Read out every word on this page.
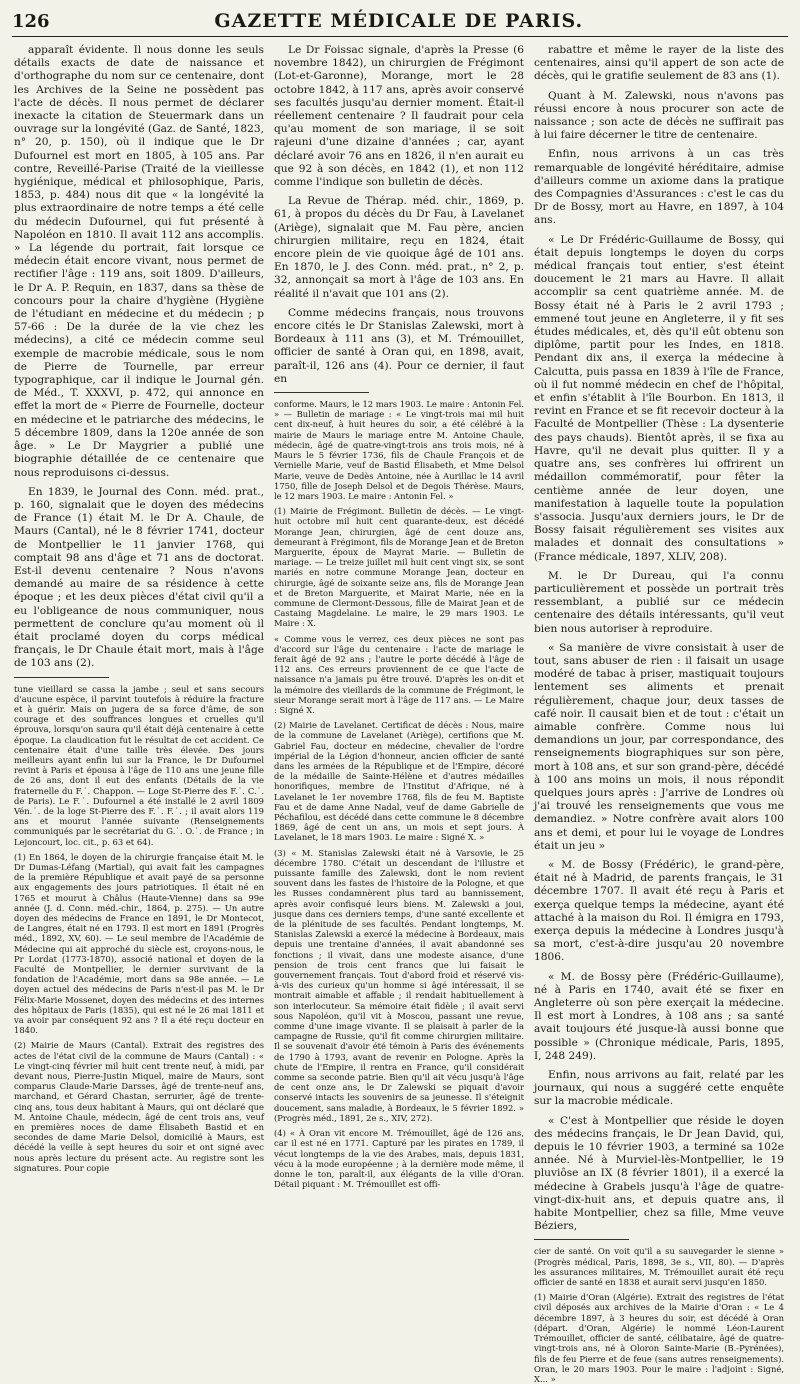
126	GAZETTE MÉDICALE DE PARIS.

apparaît évidente. Il nous donne les seuls détails exacts de date de naissance et d'orthographe du nom sur ce centenaire, dont les Archives de la Seine ne possèdent pas l'acte de décès. Il nous permet de déclarer inexacte la citation de Steuermark dans un ouvrage sur la longévité (Gaz. de Santé, 1823, n° 20, p. 150), où il indique que le Dr Dufournel est mort en 1805, à 105 ans. Par contre, Reveillé-Parise (Traité de la vieillesse hygiénique, médical et philosophique, Paris, 1853, p. 484) nous dit que « la longévité la plus extraordinaire de notre temps a été celle du médecin Dufournel, qui fut présenté à Napoléon en 1810. Il avait 112 ans accomplis. » La légende du portrait, fait lorsque ce médecin était encore vivant, nous permet de rectifier l'âge : 119 ans, soit 1809. D'ailleurs, le Dr A. P. Requin, en 1837, dans sa thèse de concours pour la chaire d'hygiène (Hygiène de l'étudiant en médecine et du médecin ; p 57-66 : De la durée de la vie chez les médecins), a cité ce médecin comme seul exemple de macrobie médicale, sous le nom de Pierre de Tournelle, par erreur typographique, car il indique le Journal gén. de Méd., T. XXXVI, p. 472, qui annonce en effet la mort de « Pierre de Fournelle, docteur en médecine et le patriarche des médecins, le 5 décembre 1809, dans la 120e année de son âge. » Le Dr Maygrier a publié une biographie détaillée de ce centenaire que nous reproduisons ci-dessus.

En 1839, le Journal des Conn. méd. prat., p. 160, signalait que le doyen des médecins de France (1) était M. le Dr A. Chaule, de Maurs (Cantal), né le 8 février 1741, docteur de Montpellier le 11 janvier 1768, qui comptait 98 ans d'âge et 71 ans de doctorat. Est-il devenu centenaire ? Nous n'avons demandé au maire de sa résidence à cette époque ; et les deux pièces d'état civil qu'il a eu l'obligeance de nous communiquer, nous permettent de conclure qu'au moment où il était proclamé doyen du corps médical français, le Dr Chaule était mort, mais à l'âge de 103 ans (2).

tune vieillard se cassa la jambe ; seul et sans secours d'aucune espèce, il parvint toutefois à réduire la fracture et à guérir. Mais on jugera de sa force d'âme, de son courage et des souffrances longues et cruelles qu'il éprouva, lorsqu'on saura qu'il était déjà centenaire à cette époque. La claudication fut le résultat de cet accident. Ce centenaire était d'une taille très élevée. Des jours meilleurs ayant enfin lui sur la France, le Dr Dufournel revint à Paris et épousa à l'âge de 110 ans une jeune fille de 26 ans, dont il eut des enfants (Détails de la vie fraternelle du F.˙. Chappon. — Loge St-Pierre des F.˙. C.˙. de Paris). Le F.˙. Dufournel a été installé le 2 avril 1809 Vén.˙. de la loge St-Pierre des F.˙. F.˙. ; il avait alors 119 ans et mourut l'année suivante (Renseignements communiqués par le secrétariat du G.˙. O.˙. de France ; in Lejoncourt, loc. cit., p. 63 et 64).

(1) En 1864, le doyen de la chirurgie française était M. le Dr Dumas-Léfang (Martial), qui avait fait les campagnes de la première République et avait payé de sa personne aux engagements des jours patriotiques. Il était né en 1765 et mourut à Châlus (Haute-Vienne) dans sa 99e année (J. d. Conn. méd.-chir., 1864, p. 275). — Un autre doyen des médecins de France en 1891, le Dr Montecot, de Langres, était né en 1793. Il est mort en 1891 (Progrès méd., 1892, XV, 60). — Le seul membre de l'Académie de Médecine qui ait approché du siècle est, croyons-nous, le Pr Lordat (1773-1870), associé national et doyen de la Faculté de Montpellier, le dernier survivant de la fondation de l'Académie, mort dans sa 98e année. — Le doyen actuel des médecins de Paris n'est-il pas M. le Dr Félix-Marie Mossenet, doyen des médecins et des internes des hôpitaux de Paris (1835), qui est né le 26 mai 1811 et va avoir par conséquent 92 ans ? Il a été reçu docteur en 1840.

(2) Mairie de Maurs (Cantal). Extrait des registres des actes de l'état civil de la commune de Maurs (Cantal) : « Le vingt-cinq février mil huit cent trente neuf, à midi, par devant nous, Pierre-Justin Miquel, maire de Maurs, sont comparus Claude-Marie Darsses, âgé de trente-neuf ans, marchand, et Gérard Chastan, serrurier, âgé de trente-cinq ans, tous deux habitant à Maurs, qui ont déclaré que M. Antoine Chaule, médecin, âgé de cent trois ans, veuf en premières noces de dame Élisabeth Bastid et en secondes de dame Marie Delsol, domicilié à Maurs, est décédé la veille à sept heures du soir et ont signé avec nous après lecture du présent acte. Au registre sont les signatures. Pour copie

Le Dr Foissac signale, d'après la Presse (6 novembre 1842), un chirurgien de Frégimont (Lot-et-Garonne), Morange, mort le 28 octobre 1842, à 117 ans, après avoir conservé ses facultés jusqu'au dernier moment. Était-il réellement centenaire ? Il faudrait pour cela qu'au moment de son mariage, il se soit rajeuni d'une dizaine d'années ; car, ayant déclaré avoir 76 ans en 1826, il n'en aurait eu que 92 à son décès, en 1842 (1), et non 112 comme l'indique son bulletin de décès.

La Revue de Thérap. méd. chir., 1869, p. 61, à propos du décès du Dr Fau, à Lavelanet (Ariège), signalait que M. Fau père, ancien chirurgien militaire, reçu en 1824, était encore plein de vie quoique âgé de 101 ans. En 1870, le J. des Conn. méd. prat., n° 2, p. 32, annonçait sa mort à l'âge de 103 ans. En réalité il n'avait que 101 ans (2).

Comme médecins français, nous trouvons encore cités le Dr Stanislas Zalewski, mort à Bordeaux à 111 ans (3), et M. Trémouillet, officier de santé à Oran qui, en 1898, avait, paraît-il, 126 ans (4). Pour ce dernier, il faut en

conforme. Maurs, le 12 mars 1903. Le maire : Antonin Fel. » — Bulletin de mariage : « Le vingt-trois mai mil huit cent dix-neuf, à huit heures du soir, a été célébré à la mairie de Maurs le mariage entre M. Antoine Chaule, médecin, âgé de quatre-vingt-trois ans trois mois, né à Maurs le 5 février 1736, fils de Chaule François et de Vernielle Marie, veuf de Bastid Élisabeth, et Mme Delsol Marie, veuve de Dedès Antoine, née à Aurillac le 14 avril 1750, fille de Joseph Delsol et de Degois Thérèse. Maurs, le 12 mars 1903. Le maire : Antonin Fel. »

(1) Mairie de Frégimont. Bulletin de décès. — Le vingt-huit octobre mil huit cent quarante-deux, est décédé Morange Jean, chirurgien, âgé de cent douze ans, demeurant à Frégimont, fils de Morange Jean et de Breton Marguerite, époux de Mayrat Marie. — Bulletin de mariage. — Le treize juillet mil huit cent vingt six, se sont mariés en notre commune Morange Jean, docteur en chirurgie, âgé de soixante seize ans, fils de Morange Jean et de Breton Marguerite, et Mairat Marie, née en la commune de Clermont-Dessous, fille de Mairat Jean et de Castaing Magdelaine. Le maire, le 29 mars 1903. Le Maire : X.

« Comme vous le verrez, ces deux pièces ne sont pas d'accord sur l'âge du centenaire : l'acte de mariage le ferait âgé de 92 ans ; l'autre le porte décédé à l'âge de 112 ans. Ces erreurs proviennent de ce que l'acte de naissance n'a jamais pu être trouvé. D'après les on-dit et la mémoire des vieillards de la commune de Frégimont, le sieur Morange serait mort à l'âge de 117 ans. — Le Maire : Signé X.

(2) Mairie de Lavelanet. Certificat de décès : Nous, maire de la commune de Lavelanet (Ariège), certifions que M. Gabriel Fau, docteur en médecine, chevalier de l'ordre impérial de la Légion d'honneur, ancien officier de santé dans les armées de la République et de l'Empire, décoré de la médaille de Sainte-Hélène et d'autres médailles honorifiques, membre de l'Institut d'Afrique, né à Lavelanet le 1er novembre 1768, fils de feu M. Baptiste Fau et de dame Anne Nadal, veuf de dame Gabrielle de Péchafilou, est décédé dans cette commune le 8 décembre 1869, âgé de cent un ans, un mois et sept jours. À Lavelanet, le 18 mars 1903. Le maire : Signé X. »

(3) « M. Stanislas Zalewski était né à Varsovie, le 25 décembre 1780. C'était un descendant de l'illustre et puissante famille des Zalewski, dont le nom revient souvent dans les fastes de l'histoire de la Pologne, et que les Russes condamnèrent plus tard au bannissement, après avoir confisqué leurs biens. M. Zalewski a joui, jusque dans ces derniers temps, d'une santé excellente et de la plénitude de ses facultés. Pendant longtemps, M. Stanislas Zalewski a exercé la médecine à Bordeaux, mais depuis une trentaine d'années, il avait abandonné ses fonctions ; il vivait, dans une modeste aisance, d'une pension de trois cent francs que lui faisait le gouvernement français. Tout d'abord froid et réservé vis-à-vis des curieux qu'un homme si âgé intéressait, il se montrait aimable et affable ; il rendait habituellement à son interlocuteur. Sa mémoire était fidèle ; il avait servi sous Napoléon, qu'il vit à Moscou, passant une revue, comme d'une image vivante. Il se plaisait à parler de la campagne de Russie, qu'il fit comme chirurgien militaire. Il se souvenait d'avoir été témoin à Paris des événements de 1790 à 1793, avant de revenir en Pologne. Après la chute de l'Empire, il rentra en France, qu'il considérait comme sa seconde patrie. Bien qu'il ait vécu jusqu'à l'âge de cent onze ans, le Dr Zalewski se piquait d'avoir conservé intacts les souvenirs de sa jeunesse. Il s'éteignit doucement, sans maladie, à Bordeaux, le 5 février 1892. » (Progrès méd., 1891, 2e s., XIV, 272).

(4) « À Oran vit encore M. Trémouillet, âgé de 126 ans, car il est né en 1771. Capturé par les pirates en 1789, il vécut longtemps de la vie des Arabes, mais, depuis 1831, vécu à la mode européenne ; à la dernière mode même, il donne le ton, paraît-il, aux élégants de la ville d'Oran. Détail piquant : M. Trémouillet est offi-

rabattre et même le rayer de la liste des centenaires, ainsi qu'il appert de son acte de décès, qui le gratifie seulement de 83 ans (1).

Quant à M. Zalewski, nous n'avons pas réussi encore à nous procurer son acte de naissance ; son acte de décès ne suffirait pas à lui faire décerner le titre de centenaire.

Enfin, nous arrivons à un cas très remarquable de longévité héréditaire, admise d'ailleurs comme un axiome dans la pratique des Compagnies d'Assurances : c'est le cas du Dr de Bossy, mort au Havre, en 1897, à 104 ans.

« Le Dr Frédéric-Guillaume de Bossy, qui était depuis longtemps le doyen du corps médical français tout entier, s'est éteint doucement le 21 mars au Havre. Il allait accomplir sa cent quatrième année. M. de Bossy était né à Paris le 2 avril 1793 ; emmené tout jeune en Angleterre, il y fit ses études médicales, et, dès qu'il eût obtenu son diplôme, partit pour les Indes, en 1818. Pendant dix ans, il exerça la médecine à Calcutta, puis passa en 1839 à l'île de France, où il fut nommé médecin en chef de l'hôpital, et enfin s'établit à l'île Bourbon. En 1813, il revint en France et se fit recevoir docteur à la Faculté de Montpellier (Thèse : La dysenterie des pays chauds). Bientôt après, il se fixa au Havre, qu'il ne devait plus quitter. Il y a quatre ans, ses confrères lui offrirent un médaillon commémoratif, pour fêter la centième année de leur doyen, une manifestation à laquelle toute la population s'associa. Jusqu'aux derniers jours, le Dr de Bossy faisait régulièrement ses visites aux malades et donnait des consultations » (France médicale, 1897, XLIV, 208).

M. le Dr Dureau, qui l'a connu particulièrement et possède un portrait très ressemblant, a publié sur ce médecin centenaire des détails intéressants, qu'il veut bien nous autoriser à reproduire.

« Sa manière de vivre consistait à user de tout, sans abuser de rien : il faisait un usage modéré de tabac à priser, mastiquait toujours lentement ses aliments et prenait régulièrement, chaque jour, deux tasses de café noir. Il causait bien et de tout : c'était un aimable confrère. Comme nous lui demandions un jour, par correspondance, des renseignements biographiques sur son père, mort à 108 ans, et sur son grand-père, décédé à 100 ans moins un mois, il nous répondit quelques jours après : J'arrive de Londres où j'ai trouvé les renseignements que vous me demandiez. » Notre confrère avait alors 100 ans et demi, et pour lui le voyage de Londres était un jeu »

« M. de Bossy (Frédéric), le grand-père, était né à Madrid, de parents français, le 31 décembre 1707. Il avait été reçu à Paris et exerça quelque temps la médecine, ayant été attaché à la maison du Roi. Il émigra en 1793, exerça depuis la médecine à Londres jusqu'à sa mort, c'est-à-dire jusqu'au 20 novembre 1806.

« M. de Bossy père (Frédéric-Guillaume), né à Paris en 1740, avait été se fixer en Angleterre où son père exerçait la médecine. Il est mort à Londres, à 108 ans ; sa santé avait toujours été jusque-là aussi bonne que possible » (Chronique médicale, Paris, 1895, I, 248 249).

Enfin, nous arrivons au fait, relaté par les journaux, qui nous a suggéré cette enquête sur la macrobie médicale.

« C'est à Montpellier que réside le doyen des médecins français, le Dr Jean David, qui, depuis le 10 février 1903, a terminé sa 102e année. Né à Murviel-lès-Montpellier, le 19 pluviôse an IX (8 février 1801), il a exercé la médecine à Grabels jusqu'à l'âge de quatre-vingt-dix-huit ans, et depuis quatre ans, il habite Montpellier, chez sa fille, Mme veuve Béziers,

cier de santé. On voit qu'il a su sauvegarder le sienne » (Progrès médical, Paris, 1898, 3e s., VII, 80). — D'après les assurances militaires, M. Trémouillet aurait été reçu officier de santé en 1838 et aurait servi jusqu'en 1850.

(1) Mairie d'Oran (Algérie). Extrait des registres de l'état civil déposés aux archives de la Mairie d'Oran : « Le 4 décembre 1897, à 3 heures du soir, est décédé à Oran (départ. d'Oran, Algérie) le nommé Léon-Laurent Trémouillet, officier de santé, célibataire, âgé de quatre-vingt-trois ans, né à Oloron Sainte-Marie (B.-Pyrénées), fils de feu Pierre et de feue (sans autres renseignements). Oran, le 20 mars 1903. Pour le maire : l'adjoint : Signé, X... »
